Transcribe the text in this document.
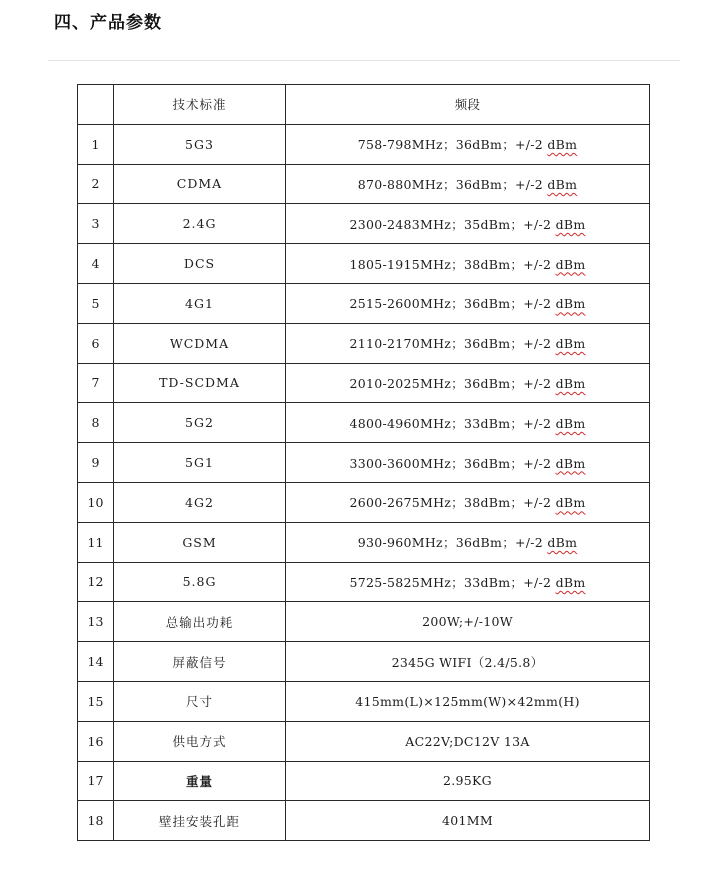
四、产品参数
	技术标准	频段
1	5G3	758-798MHz；36dBm；+/-2 dBm
2	CDMA	870-880MHz；36dBm；+/-2 dBm
3	2.4G	2300-2483MHz；35dBm；+/-2 dBm
4	DCS	1805-1915MHz；38dBm；+/-2 dBm
5	4G1	2515-2600MHz；36dBm；+/-2 dBm
6	WCDMA	2110-2170MHz；36dBm；+/-2 dBm
7	TD-SCDMA	2010-2025MHz；36dBm；+/-2 dBm
8	5G2	4800-4960MHz；33dBm；+/-2 dBm
9	5G1	3300-3600MHz；36dBm；+/-2 dBm
10	4G2	2600-2675MHz；38dBm；+/-2 dBm
11	GSM	930-960MHz；36dBm；+/-2 dBm
12	5.8G	5725-5825MHz；33dBm；+/-2 dBm
13	总输出功耗	200W;+/-10W
14	屏蔽信号	2345G WIFI（2.4/5.8）
15	尺寸	415mm(L)×125mm(W)×42mm(H)
16	供电方式	AC22V;DC12V 13A
17	重量	2.95KG
18	壁挂安装孔距	401MM
